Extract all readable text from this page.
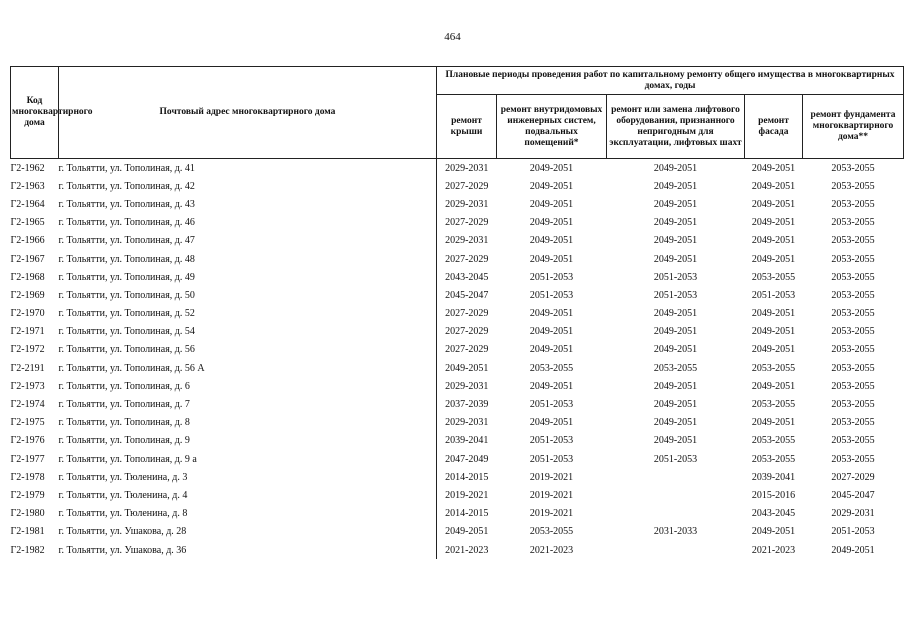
464
Код многоквартирного дома	Почтовый адрес многоквартирного дома	Плановые периоды проведения работ по капитальному ремонту общего имущества в многоквартирных домах, годы				
		ремонт крыши	ремонт внутридомовых инженерных систем, подвальных помещений*	ремонт или замена лифтового оборудования, признанного непригодным для эксплуатации, лифтовых шахт	ремонт фасада	ремонт фундамента многоквартирного дома**
Г2-1962	г. Тольятти, ул. Тополиная, д. 41	2029-2031	2049-2051	2049-2051	2049-2051	2053-2055
Г2-1963	г. Тольятти, ул. Тополиная, д. 42	2027-2029	2049-2051	2049-2051	2049-2051	2053-2055
Г2-1964	г. Тольятти, ул. Тополиная, д. 43	2029-2031	2049-2051	2049-2051	2049-2051	2053-2055
Г2-1965	г. Тольятти, ул. Тополиная, д. 46	2027-2029	2049-2051	2049-2051	2049-2051	2053-2055
Г2-1966	г. Тольятти, ул. Тополиная, д. 47	2029-2031	2049-2051	2049-2051	2049-2051	2053-2055
Г2-1967	г. Тольятти, ул. Тополиная, д. 48	2027-2029	2049-2051	2049-2051	2049-2051	2053-2055
Г2-1968	г. Тольятти, ул. Тополиная, д. 49	2043-2045	2051-2053	2051-2053	2053-2055	2053-2055
Г2-1969	г. Тольятти, ул. Тополиная, д. 50	2045-2047	2051-2053	2051-2053	2051-2053	2053-2055
Г2-1970	г. Тольятти, ул. Тополиная, д. 52	2027-2029	2049-2051	2049-2051	2049-2051	2053-2055
Г2-1971	г. Тольятти, ул. Тополиная, д. 54	2027-2029	2049-2051	2049-2051	2049-2051	2053-2055
Г2-1972	г. Тольятти, ул. Тополиная, д. 56	2027-2029	2049-2051	2049-2051	2049-2051	2053-2055
Г2-2191	г. Тольятти, ул. Тополиная, д. 56 А	2049-2051	2053-2055	2053-2055	2053-2055	2053-2055
Г2-1973	г. Тольятти, ул. Тополиная, д. 6	2029-2031	2049-2051	2049-2051	2049-2051	2053-2055
Г2-1974	г. Тольятти, ул. Тополиная, д. 7	2037-2039	2051-2053	2049-2051	2053-2055	2053-2055
Г2-1975	г. Тольятти, ул. Тополиная, д. 8	2029-2031	2049-2051	2049-2051	2049-2051	2053-2055
Г2-1976	г. Тольятти, ул. Тополиная, д. 9	2039-2041	2051-2053	2049-2051	2053-2055	2053-2055
Г2-1977	г. Тольятти, ул. Тополиная, д. 9 а	2047-2049	2051-2053	2051-2053	2053-2055	2053-2055
Г2-1978	г. Тольятти, ул. Тюленина, д. 3	2014-2015	2019-2021		2039-2041	2027-2029
Г2-1979	г. Тольятти, ул. Тюленина, д. 4	2019-2021	2019-2021		2015-2016	2045-2047
Г2-1980	г. Тольятти, ул. Тюленина, д. 8	2014-2015	2019-2021		2043-2045	2029-2031
Г2-1981	г. Тольятти, ул. Ушакова, д. 28	2049-2051	2053-2055	2031-2033	2049-2051	2051-2053
Г2-1982	г. Тольятти, ул. Ушакова, д. 36	2021-2023	2021-2023		2021-2023	2049-2051
